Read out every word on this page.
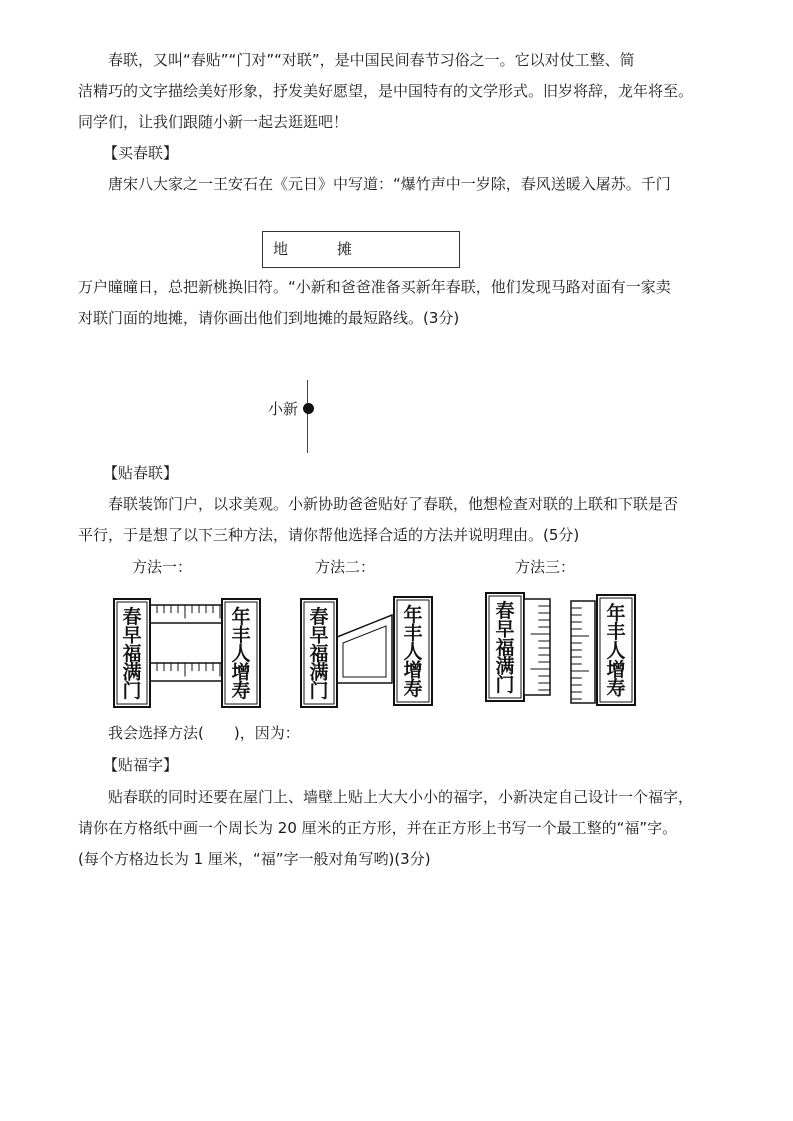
春联，又叫“春贴”“门对”“对联”，是中国民间春节习俗之一。它以对仗工整、简
洁精巧的文字描绘美好形象，抒发美好愿望，是中国特有的文学形式。旧岁将辞，龙年将至。
同学们，让我们跟随小新一起去逛逛吧！
【买春联】
唐宋八大家之一王安石在《元日》中写道：“爆竹声中一岁除，春风送暖入屠苏。千门
地	摊
万户曈曈日，总把新桃换旧符。“小新和爸爸准备买新年春联，他们发现马路对面有一家卖
对联门面的地摊，请你画出他们到地摊的最短路线。(3分)
小新
【贴春联】
春联装饰门户，以求美观。小新协助爸爸贴好了春联，他想检查对联的上联和下联是否
平行，于是想了以下三种方法，请你帮他选择合适的方法并说明理由。(5分)
方法一：	方法二：	方法三：
春
早
福
满
门
年
丰
人
增
寿
春
早
福
满
门
年
丰
人
增
寿
春
早
福
满
门
年
丰
人
增
寿
我会选择方法(　　)，因为：
【贴福字】
贴春联的同时还要在屋门上、墙壁上贴上大大小小的福字，小新决定自己设计一个福字，
请你在方格纸中画一个周长为 20 厘米的正方形，并在正方形上书写一个最工整的“福”字。
(每个方格边长为 1 厘米，“福”字一般对角写哟)(3分)
